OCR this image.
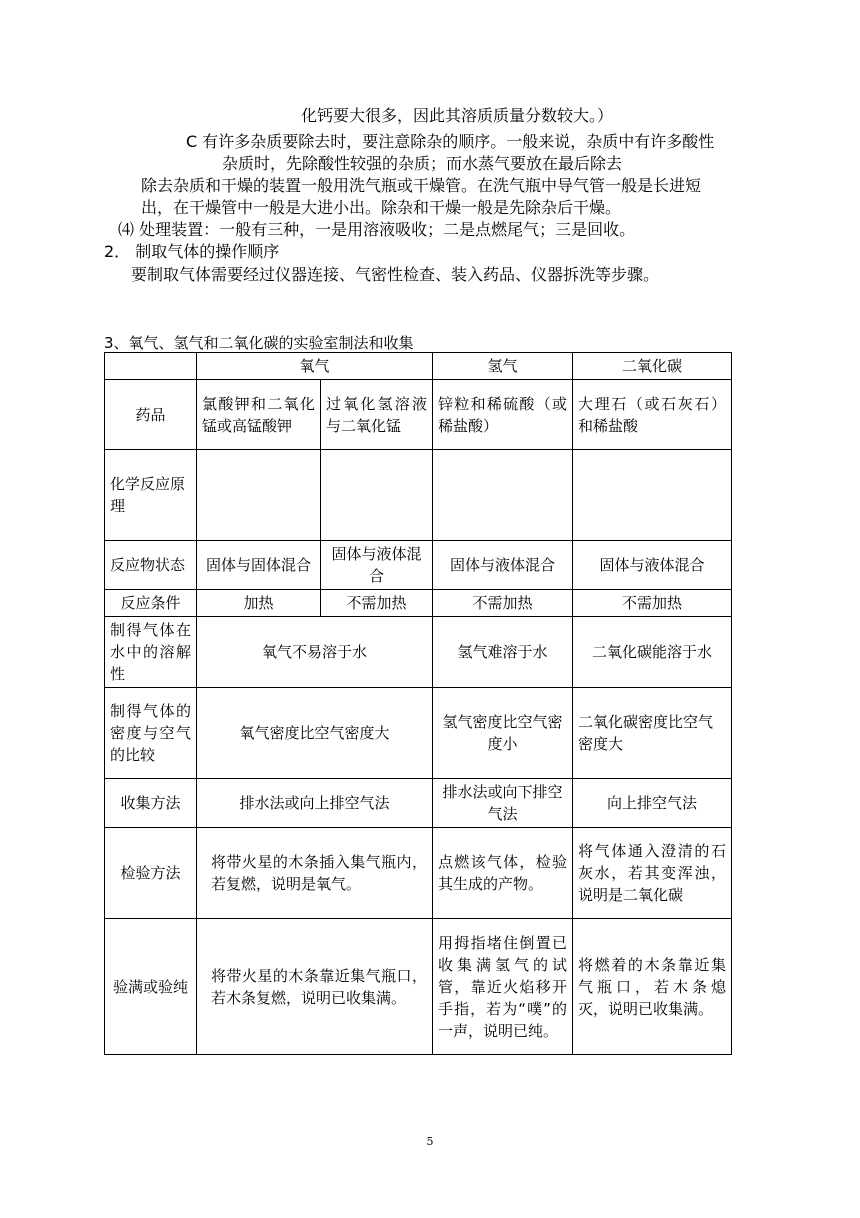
化钙要大很多，因此其溶质质量分数较大。）
C 有许多杂质要除去时，要注意除杂的顺序。一般来说，杂质中有许多酸性
杂质时，先除酸性较强的杂质；而水蒸气要放在最后除去
除去杂质和干燥的装置一般用洗气瓶或干燥管。在洗气瓶中导气管一般是长进短
出，在干燥管中一般是大进小出。除杂和干燥一般是先除杂后干燥。
⑷ 处理装置：一般有三种，一是用溶液吸收；二是点燃尾气；三是回收。
2． 制取气体的操作顺序
要制取气体需要经过仪器连接、气密性检查、装入药品、仪器拆洗等步骤。
3、氧气、氢气和二氧化碳的实验室制法和收集
	氧气		氢气	二氧化碳
药品	氯酸钾和二氧化锰或高锰酸钾	过氧化氢溶液与二氧化锰	锌粒和稀硫酸（或稀盐酸）	大理石（或石灰石）和稀盐酸
化学反应原理				
反应物状态	固体与固体混合	固体与液体混合	固体与液体混合	固体与液体混合
反应条件	加热	不需加热	不需加热	不需加热
制得气体在水中的溶解性	氧气不易溶于水		氢气难溶于水	二氧化碳能溶于水
制得气体的密度与空气的比较	氧气密度比空气密度大		氢气密度比空气密度小	二氧化碳密度比空气密度大
收集方法	排水法或向上排空气法		排水法或向下排空气法	向上排空气法
检验方法	将带火星的木条插入集气瓶内，若复燃，说明是氧气。		点燃该气体，检验其生成的产物。	将气体通入澄清的石灰水，若其变浑浊，说明是二氧化碳
验满或验纯	将带火星的木条靠近集气瓶口，若木条复燃，说明已收集满。		用拇指堵住倒置已收集满氢气的试管，靠近火焰移开手指，若为“噗”的一声，说明已纯。	将燃着的木条靠近集气瓶口，若木条熄灭，说明已收集满。
5
